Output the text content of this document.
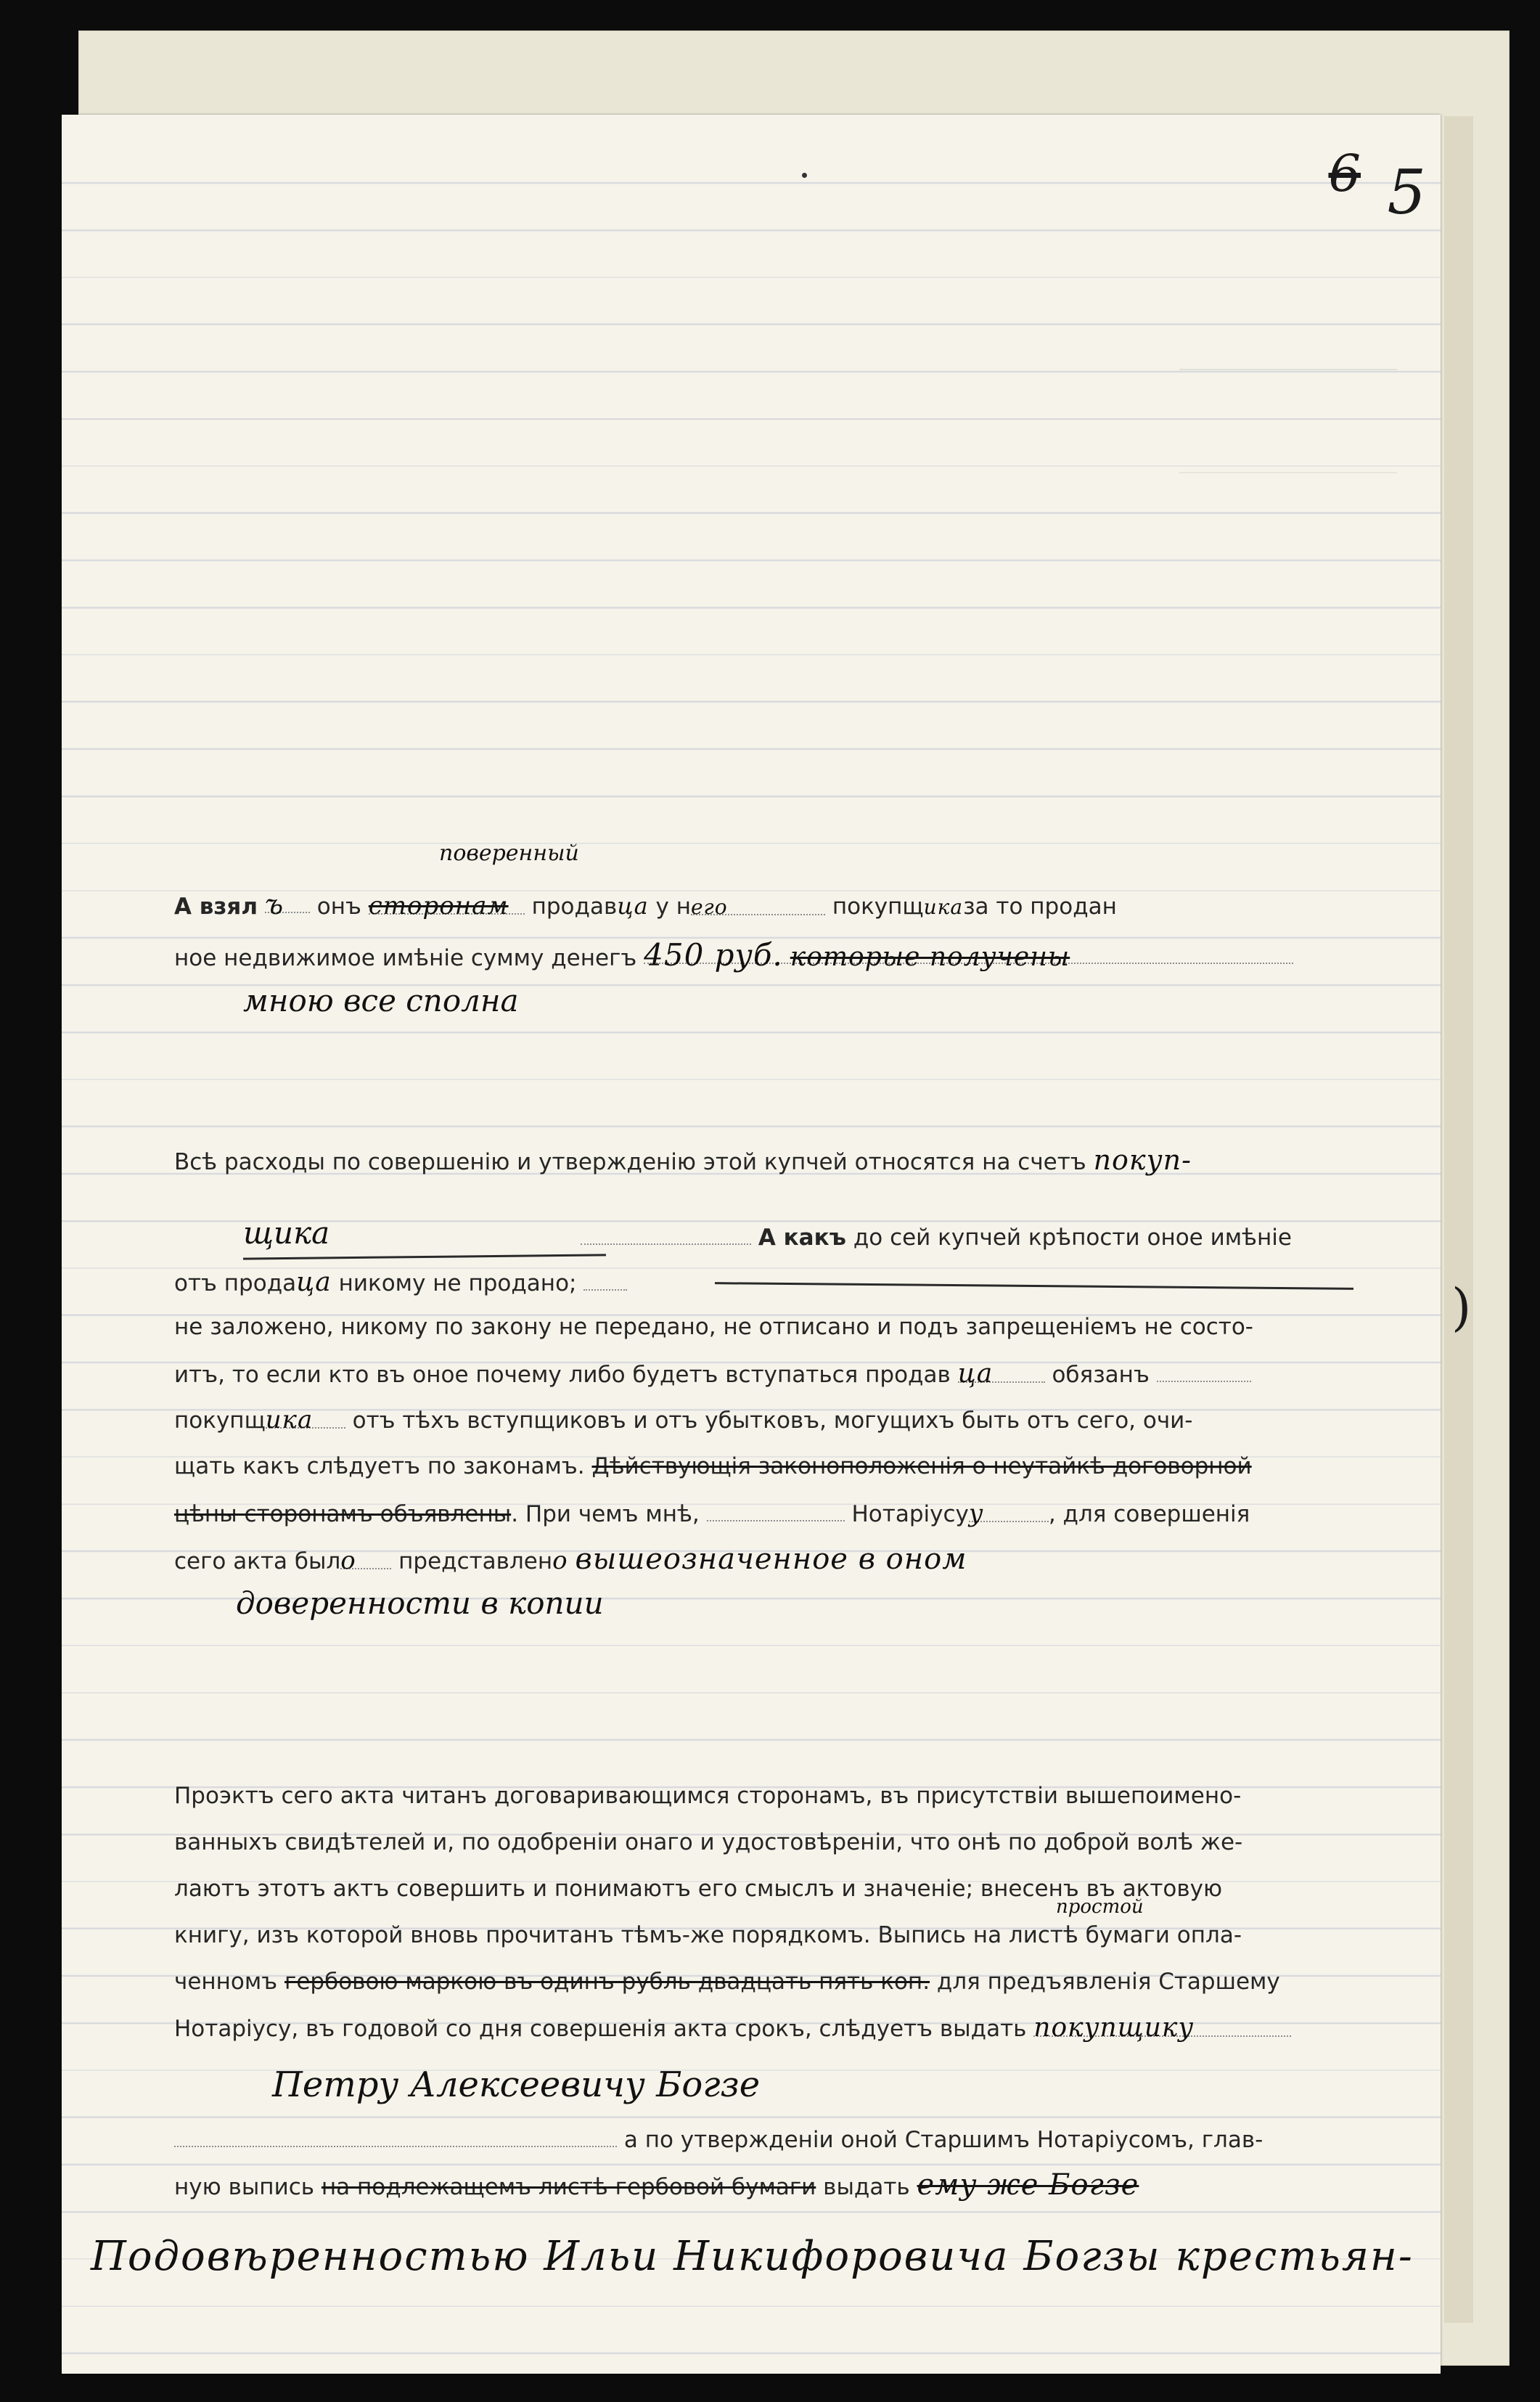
)
6 5
поверенный
А взял ъ онъ сторонам продавца у него	покупщиказа то продан
ное недвижимое имѣніе сумму денегъ 450 руб. которые получены
мною все сполна
Всѣ расходы по совершенію и утвержденію этой купчей относятся на счетъ покуп-
щика	А какъ до сей купчей крѣпости оное имѣніе
отъ продаца никому не продано;
не заложено, никому по закону не передано, не отписано и подъ запрещеніемъ не состо-
итъ, то если кто въ оное почему либо будетъ вступаться продав ца	обязанъ
покупщика отъ тѣхъ вступщиковъ и отъ убытковъ, могущихъ быть отъ сего, очи-
щать какъ слѣдуетъ по законамъ. Дѣйствующія законоположенія о неутайкѣ договорной
цѣны сторонамъ объявлены. При чемъ мнѣ,	Нотаріусуу	, для совершенія
сего акта было представлено вышеозначенное в оном
доверенности в копии
Проэктъ сего акта читанъ договаривающимся сторонамъ, въ присутствіи вышепоимено-
ванныхъ свидѣтелей и, по одобреніи онаго и удостовѣреніи, что онѣ по доброй волѣ же-
лаютъ этотъ актъ совершить и понимаютъ его смыслъ и значеніе; внесенъ въ актовую
простой
книгу, изъ которой вновь прочитанъ тѣмъ-же порядкомъ. Выпись на листѣ бумаги опла-
ченномъ гербовою маркою въ одинъ рубль двадцать пять коп. для предъявленія Старшему
Нотаріусу, въ годовой со дня совершенія акта срокъ, слѣдуетъ выдать покупщику
Петру Алексеевичу Богзе
а по утвержденіи оной Старшимъ Нотаріусомъ, глав-
ную выпись на подлежащемъ листѣ гербовой бумаги выдать ему же Богзе
Подовѣренностью Ильи Никифоровича Богзы крестьян-
